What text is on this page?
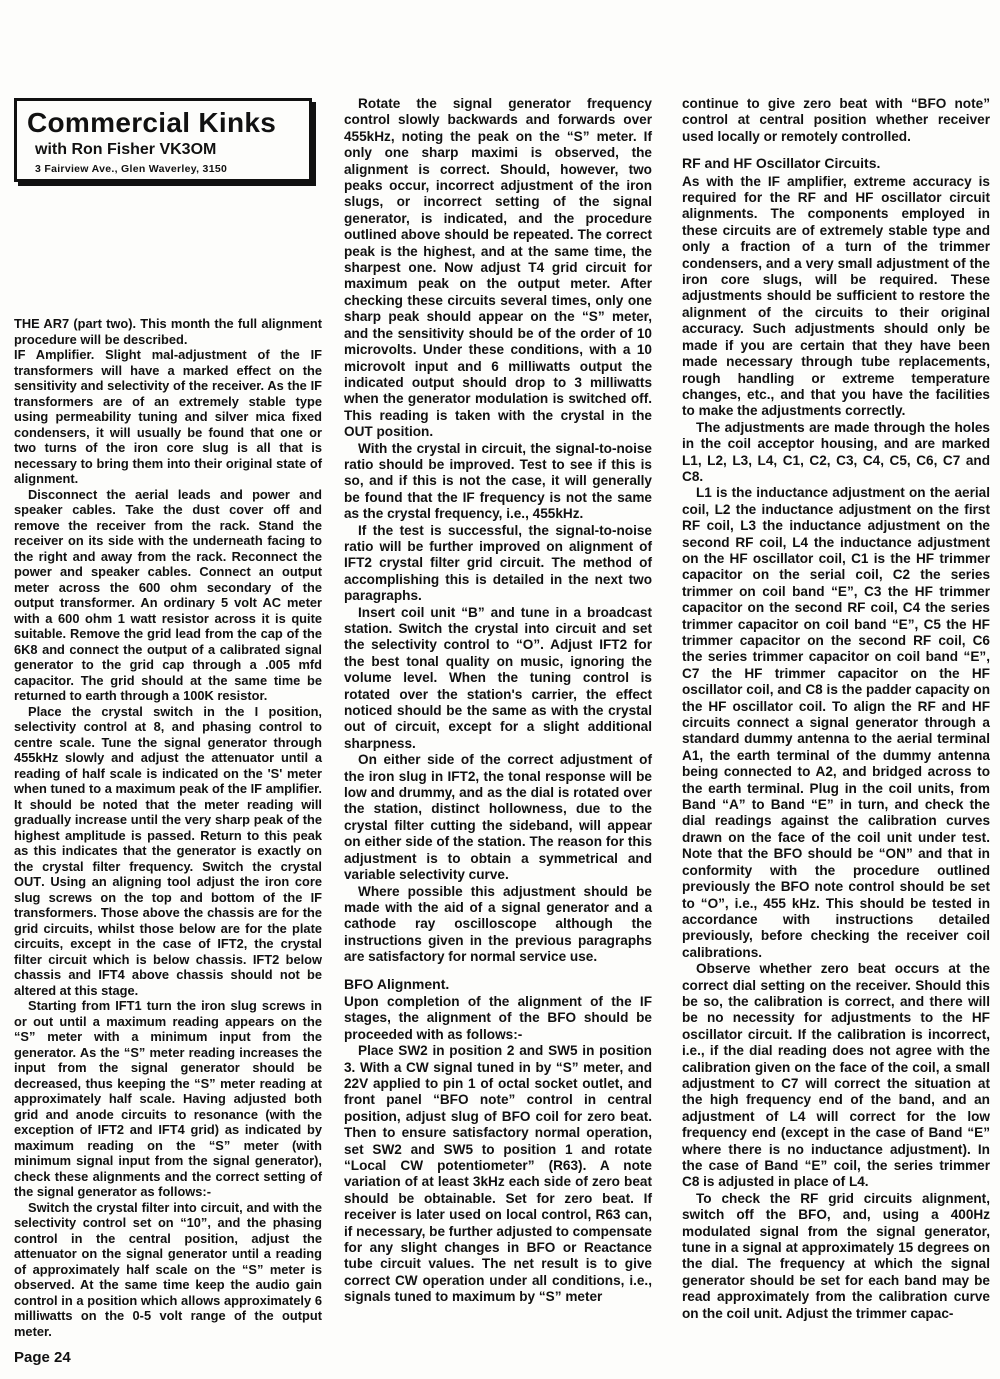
Commercial Kinks
with Ron Fisher VK3OM
3 Fairview Ave., Glen Waverley, 3150

THE AR7 (part two). This month the full alignment procedure will be described.

IF Amplifier. Slight mal-adjustment of the IF transformers will have a marked effect on the sensitivity and selectivity of the receiver. As the IF transformers are of an extremely stable type using permeability tuning and silver mica fixed condensers, it will usually be found that one or two turns of the iron core slug is all that is necessary to bring them into their original state of alignment.

Disconnect the aerial leads and power and speaker cables. Take the dust cover off and remove the receiver from the rack. Stand the receiver on its side with the underneath facing to the right and away from the rack. Reconnect the power and speaker cables. Connect an output meter across the 600 ohm secondary of the output transformer. An ordinary 5 volt AC meter with a 600 ohm 1 watt resistor across it is quite suitable. Remove the grid lead from the cap of the 6K8 and connect the output of a calibrated signal generator to the grid cap through a .005 mfd capacitor. The grid should at the same time be returned to earth through a 100K resistor.

Place the crystal switch in the I position, selectivity control at 8, and phasing control to centre scale. Tune the signal generator through 455kHz slowly and adjust the attenuator until a reading of half scale is indicated on the 'S' meter when tuned to a maximum peak of the IF amplifier. It should be noted that the meter reading will gradually increase until the very sharp peak of the highest amplitude is passed. Return to this peak as this indicates that the generator is exactly on the crystal filter frequency. Switch the crystal OUT. Using an aligning tool adjust the iron core slug screws on the top and bottom of the IF transformers. Those above the chassis are for the grid circuits, whilst those below are for the plate circuits, except in the case of IFT2, the crystal filter circuit which is below chassis. IFT2 below chassis and IFT4 above chassis should not be altered at this stage.

Starting from IFT1 turn the iron slug screws in or out until a maximum reading appears on the “S” meter with a minimum input from the generator. As the “S” meter reading increases the input from the signal generator should be decreased, thus keeping the “S” meter reading at approximately half scale. Having adjusted both grid and anode circuits to resonance (with the exception of IFT2 and IFT4 grid) as indicated by maximum reading on the “S” meter (with minimum signal input from the signal generator), check these alignments and the correct setting of the signal generator as follows:-

Switch the crystal filter into circuit, and with the selectivity control set on “10”, and the phasing control in the central position, adjust the attenuator on the signal generator until a reading of approximately half scale on the “S” meter is observed. At the same time keep the audio gain control in a position which allows approximately 6 milliwatts on the 0-5 volt range of the output meter.

Rotate the signal generator frequency control slowly backwards and forwards over 455kHz, noting the peak on the “S” meter. If only one sharp maximi is observed, the alignment is correct. Should, however, two peaks occur, incorrect adjustment of the iron slugs, or incorrect setting of the signal generator, is indicated, and the procedure outlined above should be repeated. The correct peak is the highest, and at the same time, the sharpest one. Now adjust T4 grid circuit for maximum peak on the output meter. After checking these circuits several times, only one sharp peak should appear on the “S” meter, and the sensitivity should be of the order of 10 microvolts. Under these conditions, with a 10 microvolt input and 6 milliwatts output the indicated output should drop to 3 milliwatts when the generator modulation is switched off. This reading is taken with the crystal in the OUT position.

With the crystal in circuit, the signal-to-noise ratio should be improved. Test to see if this is so, and if this is not the case, it will generally be found that the IF frequency is not the same as the crystal frequency, i.e., 455kHz.

If the test is successful, the signal-to-noise ratio will be further improved on alignment of IFT2 crystal filter grid circuit. The method of accomplishing this is detailed in the next two paragraphs.

Insert coil unit “B” and tune in a broadcast station. Switch the crystal into circuit and set the selectivity control to “O”. Adjust IFT2 for the best tonal quality on music, ignoring the volume level. When the tuning control is rotated over the station's carrier, the effect noticed should be the same as with the crystal out of circuit, except for a slight additional sharpness.

On either side of the correct adjustment of the iron slug in IFT2, the tonal response will be low and drummy, and as the dial is rotated over the station, distinct hollowness, due to the crystal filter cutting the sideband, will appear on either side of the station. The reason for this adjustment is to obtain a symmetrical and variable selectivity curve.

Where possible this adjustment should be made with the aid of a signal generator and a cathode ray oscilloscope although the instructions given in the previous paragraphs are satisfactory for normal service use.

BFO Alignment.

Upon completion of the alignment of the IF stages, the alignment of the BFO should be proceeded with as follows:-

Place SW2 in position 2 and SW5 in position 3. With a CW signal tuned in by “S” meter, and 22V applied to pin 1 of octal socket outlet, and front panel “BFO note” control in central position, adjust slug of BFO coil for zero beat. Then to ensure satisfactory normal operation, set SW2 and SW5 to position 1 and rotate “Local CW potentiometer” (R63). A note variation of at least 3kHz each side of zero beat should be obtainable. Set for zero beat. If receiver is later used on local control, R63 can, if necessary, be further adjusted to compensate for any slight changes in BFO or Reactance tube circuit values. The net result is to give correct CW operation under all conditions, i.e., signals tuned to maximum by “S” meter

continue to give zero beat with “BFO note” control at central position whether receiver used locally or remotely controlled.

RF and HF Oscillator Circuits.

As with the IF amplifier, extreme accuracy is required for the RF and HF oscillator circuit alignments. The components employed in these circuits are of extremely stable type and only a fraction of a turn of the trimmer condensers, and a very small adjustment of the iron core slugs, will be required. These adjustments should be sufficient to restore the alignment of the circuits to their original accuracy. Such adjustments should only be made if you are certain that they have been made necessary through tube replacements, rough handling or extreme temperature changes, etc., and that you have the facilities to make the adjustments correctly.

The adjustments are made through the holes in the coil acceptor housing, and are marked L1, L2, L3, L4, C1, C2, C3, C4, C5, C6, C7 and C8.

L1 is the inductance adjustment on the aerial coil, L2 the inductance adjustment on the first RF coil, L3 the inductance adjustment on the second RF coil, L4 the inductance adjustment on the HF oscillator coil, C1 is the HF trimmer capacitor on the serial coil, C2 the series trimmer on coil band “E”, C3 the HF trimmer capacitor on the second RF coil, C4 the series trimmer capacitor on coil band “E”, C5 the HF trimmer capacitor on the second RF coil, C6 the series trimmer capacitor on coil band “E”, C7 the HF trimmer capacitor on the HF oscillator coil, and C8 is the padder capacity on the HF oscillator coil. To align the RF and HF circuits connect a signal generator through a standard dummy antenna to the aerial terminal A1, the earth terminal of the dummy antenna being connected to A2, and bridged across to the earth terminal. Plug in the coil units, from Band “A” to Band “E” in turn, and check the dial readings against the calibration curves drawn on the face of the coil unit under test. Note that the BFO should be “ON” and that in conformity with the procedure outlined previously the BFO note control should be set to “O”, i.e., 455 kHz. This should be tested in accordance with instructions detailed previously, before checking the receiver coil calibrations.

Observe whether zero beat occurs at the correct dial setting on the receiver. Should this be so, the calibration is correct, and there will be no necessity for adjustments to the HF oscillator circuit. If the calibration is incorrect, i.e., if the dial reading does not agree with the calibration given on the face of the coil, a small adjustment to C7 will correct the situation at the high frequency end of the band, and an adjustment of L4 will correct for the low frequency end (except in the case of Band “E” where there is no inductance adjustment). In the case of Band “E” coil, the series trimmer C8 is adjusted in place of L4.

To check the RF grid circuits alignment, switch off the BFO, and, using a 400Hz modulated signal from the signal generator, tune in a signal at approximately 15 degrees on the dial. The frequency at which the signal generator should be set for each band may be read approximately from the calibration curve on the coil unit. Adjust the trimmer capac-

Page 24
